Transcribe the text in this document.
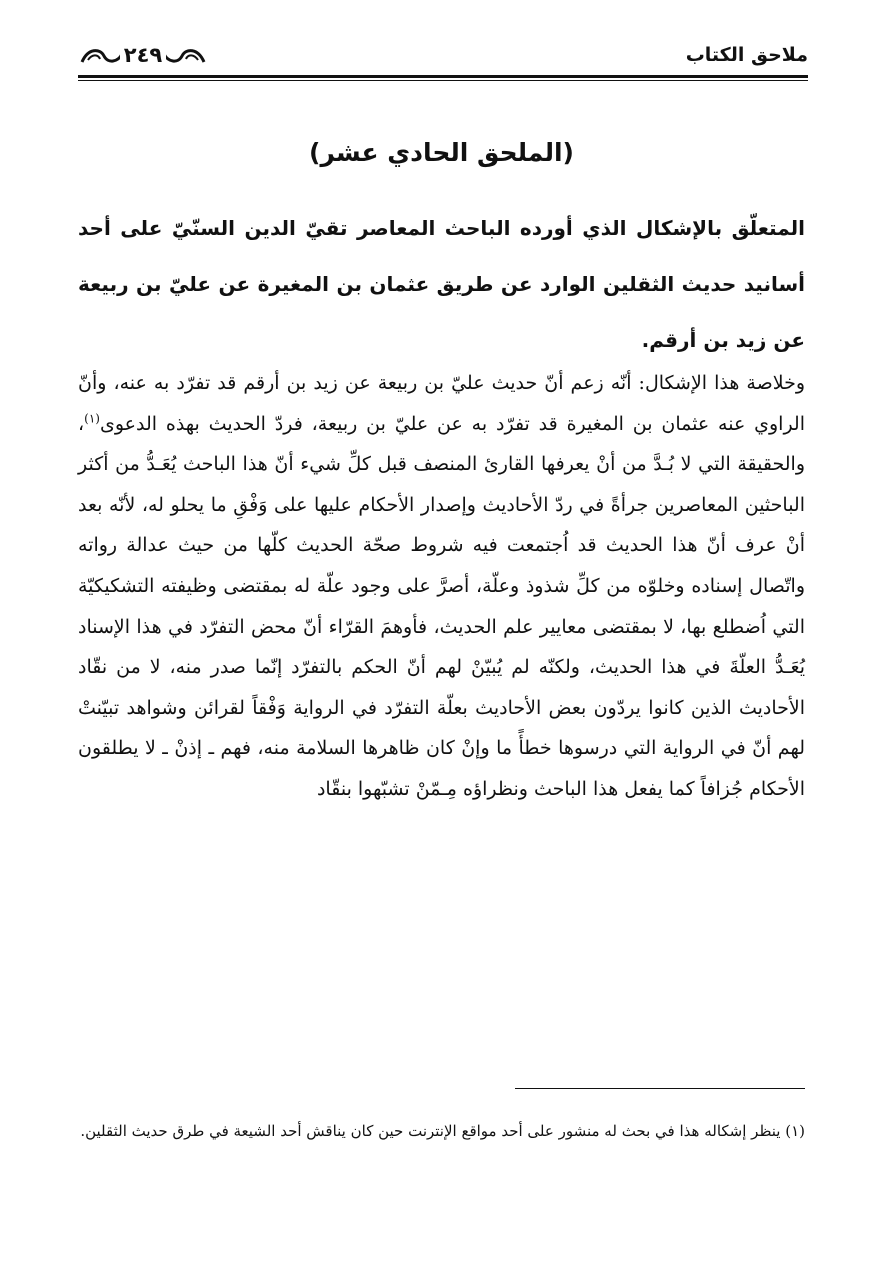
ملاحق الكتاب
٢٤٩
(الملحق الحادي عشر)
المتعلّق بالإشكال الذي أورده الباحث المعاصر تقيّ الدين السنّيّ على أحد أسانيد حديث الثقلين الوارد عن طريق عثمان بن المغيرة عن عليّ بن ربيعة عن زيد بن أرقم.
وخلاصة هذا الإشكال: أنّه زعم أنّ حديث عليّ بن ربيعة عن زيد بن أرقم قد تفرّد به عنه، وأنّ الراوي عنه عثمان بن المغيرة قد تفرّد به عن عليّ بن ربيعة، فردّ الحديث بهذه الدعوى$^{(١)}$، والحقيقة التي لا بُـدَّ من أنْ يعرفها القارئ المنصف قبل كلِّ شيء أنّ هذا الباحث يُعَـدُّ من أكثر الباحثين المعاصرين جرأةً في ردّ الأحاديث وإصدار الأحكام عليها على وَفْقِ ما يحلو له، لأنّه بعد أنْ عرف أنّ هذا الحديث قد اُجتمعت فيه شروط صحّة الحديث كلّها من حيث عدالة رواته واتّصال إسناده وخلوّه من كلِّ شذوذ وعلّة، أصرَّ على وجود علّة له بمقتضى وظيفته التشكيكيّة التي اُضطلع بها، لا بمقتضى معايير علم الحديث، فأوهمَ القرّاء أنّ محض التفرّد في هذا الإسناد يُعَـدُّ العلّةَ في هذا الحديث، ولكنّه لم يُبيّنْ لهم أنّ الحكم بالتفرّد إنّما صدر منه، لا من نقّاد الأحاديث الذين كانوا يردّون بعض الأحاديث بعلّة التفرّد في الرواية وَفْقاً لقرائن وشواهد تبيّنتْ لهم أنّ في الرواية التي درسوها خطأً ما وإنْ كان ظاهرها السلامة منه، فهم ـ إذنْ ـ لا يطلقون الأحكام جُزافاً كما يفعل هذا الباحث ونظراؤه مِـمّنْ تشبّهوا بنقّاد
(١) ينظر إشكاله هذا في بحث له منشور على أحد مواقع الإنترنت حين كان يناقش أحد الشيعة في طرق حديث الثقلين.
